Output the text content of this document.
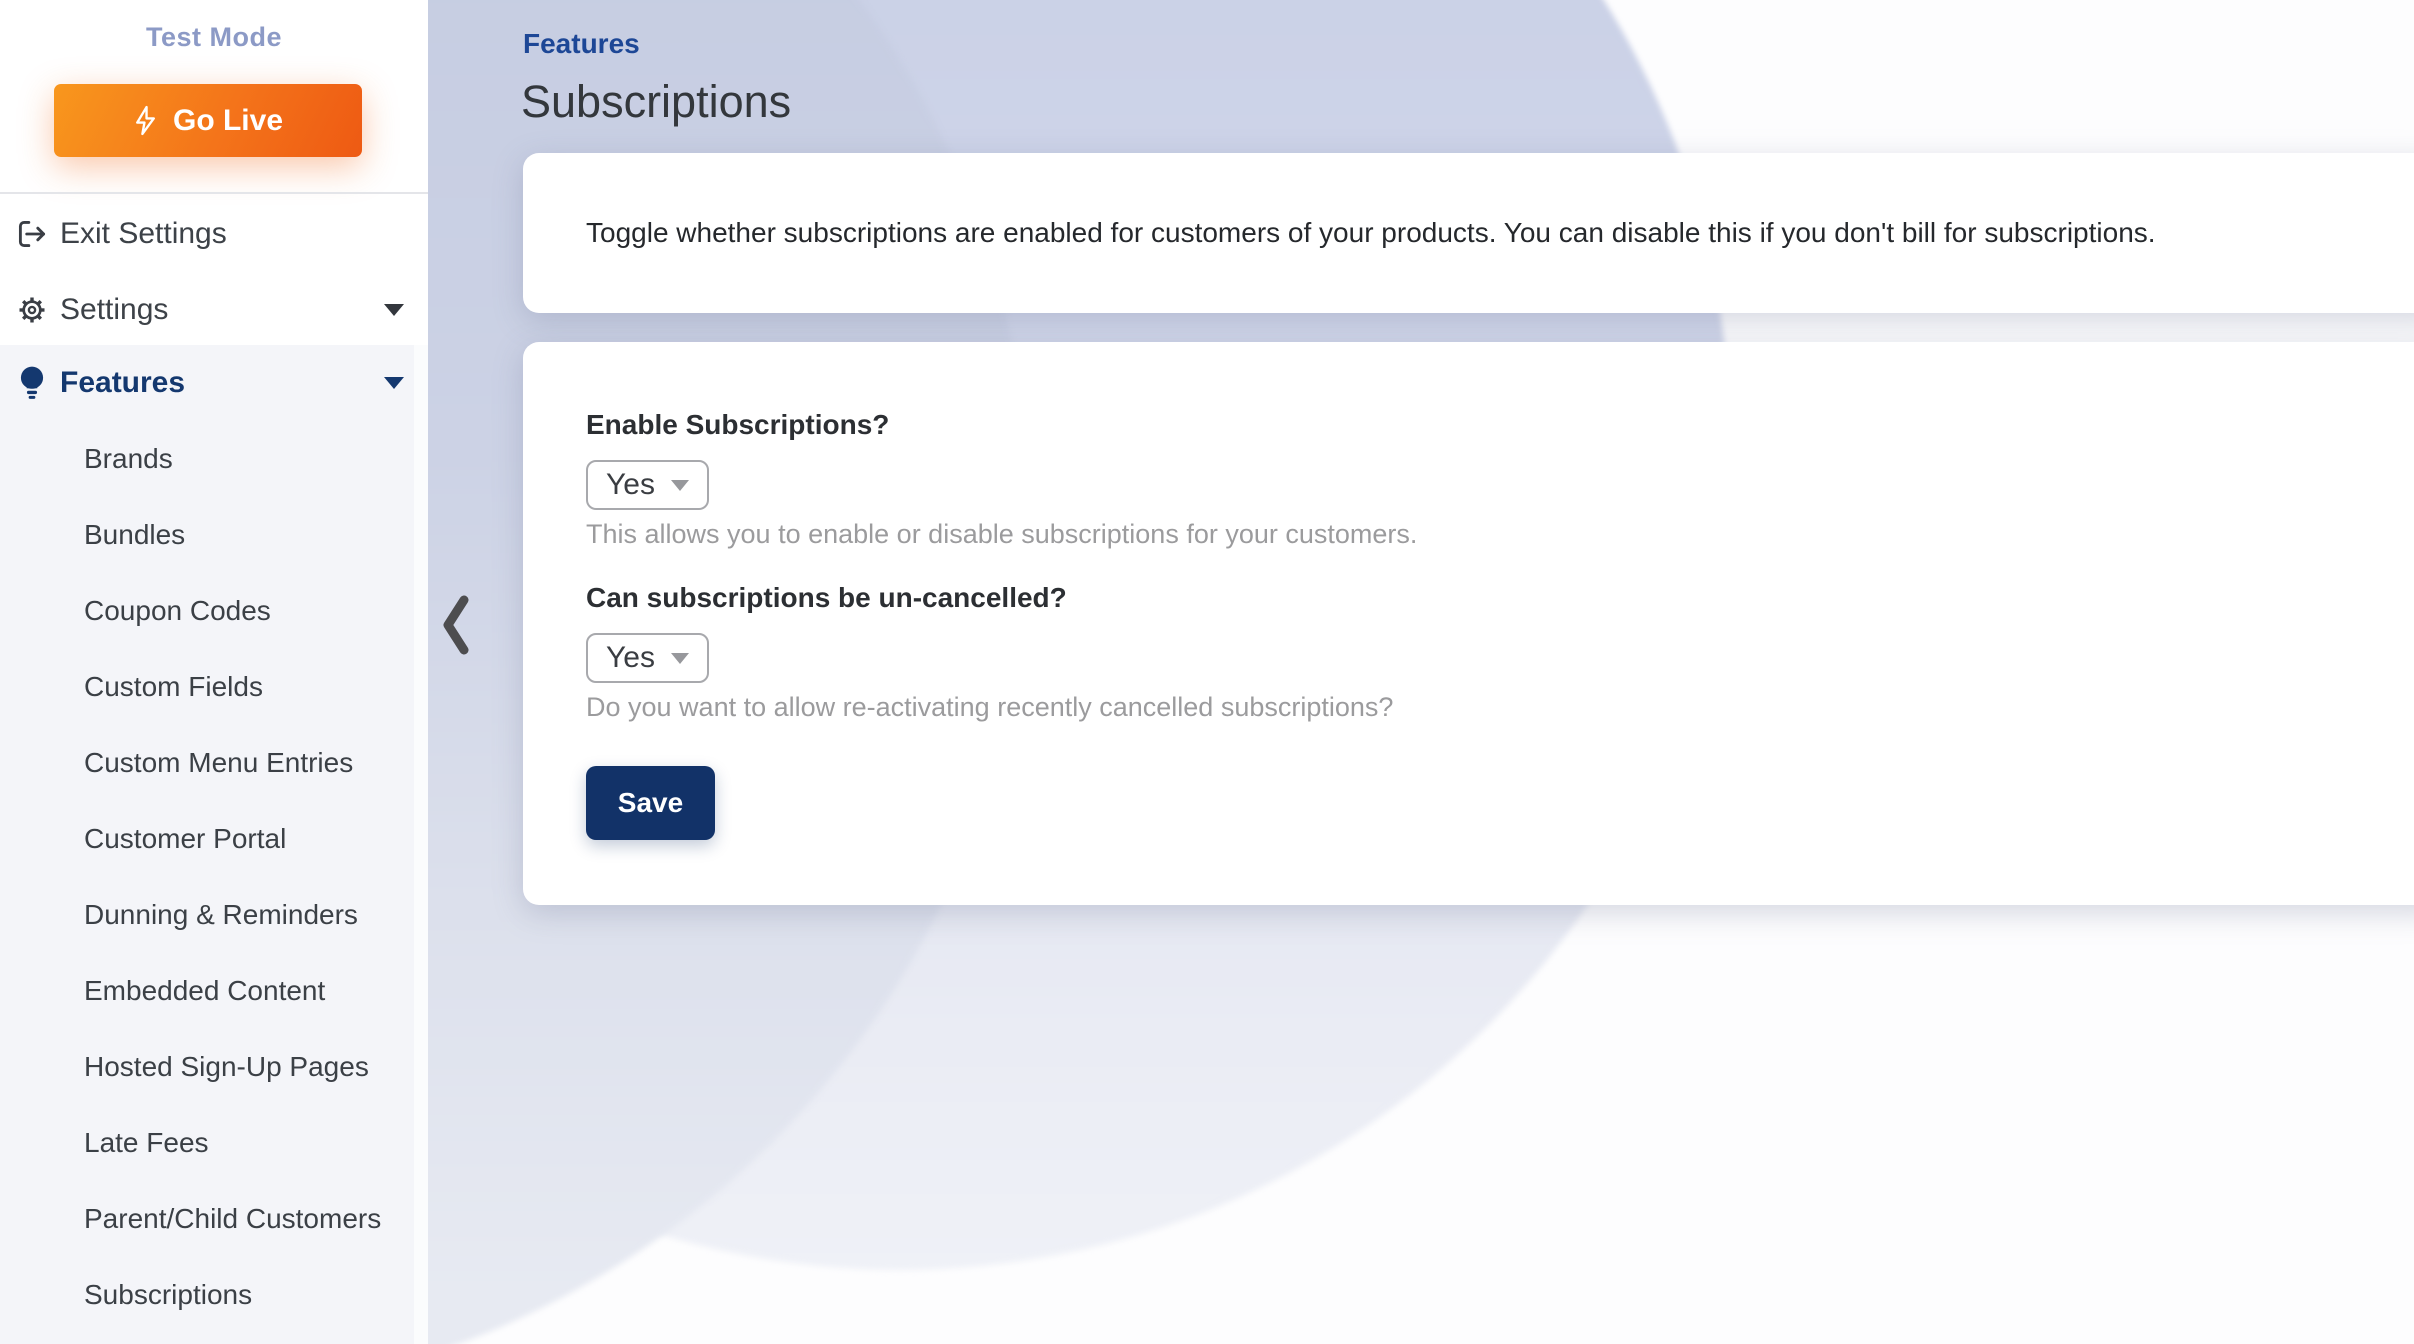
Features
Subscriptions
Toggle whether subscriptions are enabled for customers of your products. You can disable this if you don't bill for subscriptions.
Enable Subscriptions?
Yes
This allows you to enable or disable subscriptions for your customers.
Can subscriptions be un-cancelled?
Yes
Do you want to allow re-activating recently cancelled subscriptions?
Save
Test Mode
Go Live
Exit Settings
Settings
Features
Brands
Bundles
Coupon Codes
Custom Fields
Custom Menu Entries
Customer Portal
Dunning & Reminders
Embedded Content
Hosted Sign-Up Pages
Late Fees
Parent/Child Customers
Subscriptions
